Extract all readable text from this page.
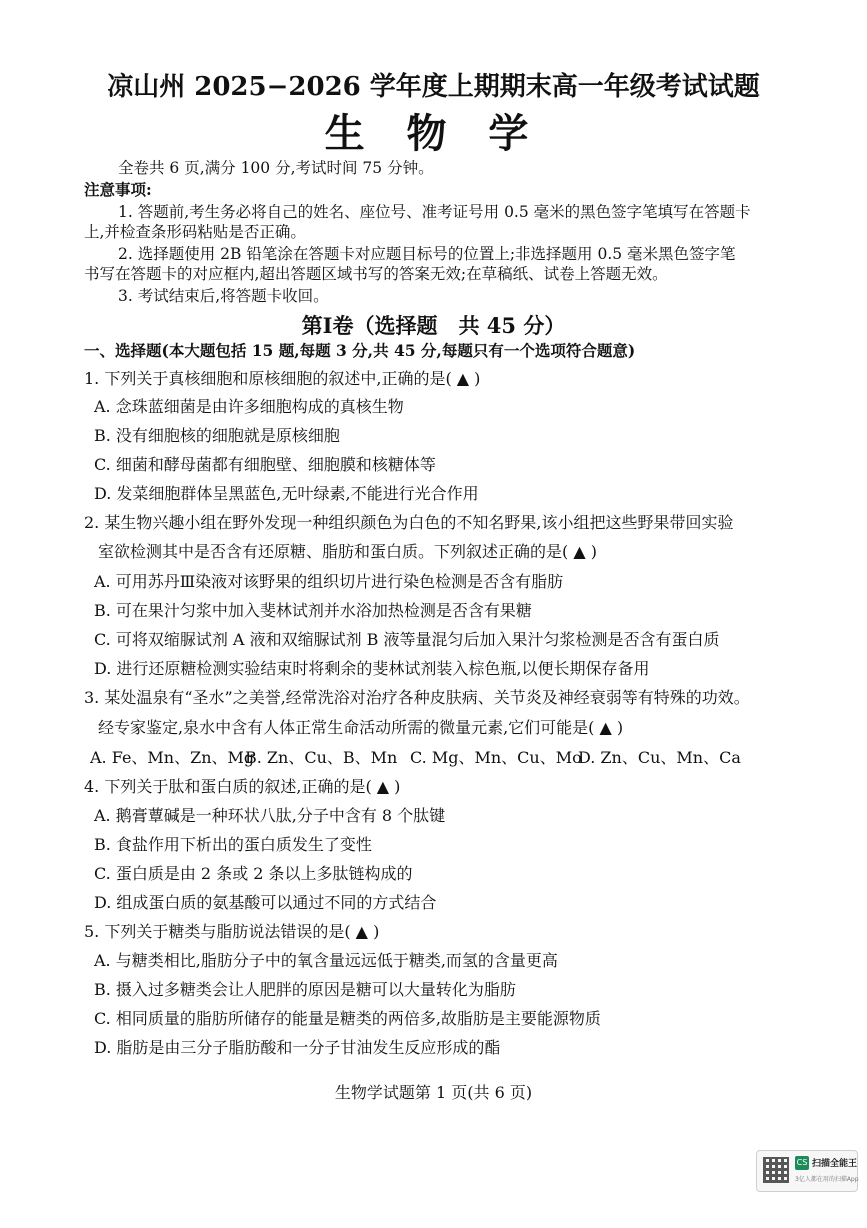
凉山州 2025−2026 学年度上期期末高一年级考试试题
生 物 学
全卷共 6 页,满分 100 分,考试时间 75 分钟。
注意事项:
1. 答题前,考生务必将自己的姓名、座位号、准考证号用 0.5 毫米的黑色签字笔填写在答题卡
上,并检查条形码粘贴是否正确。
2. 选择题使用 2B 铅笔涂在答题卡对应题目标号的位置上;非选择题用 0.5 毫米黑色签字笔
书写在答题卡的对应框内,超出答题区域书写的答案无效;在草稿纸、试卷上答题无效。
3. 考试结束后,将答题卡收回。
第Ⅰ卷（选择题　共 45 分）
一、选择题(本大题包括 15 题,每题 3 分,共 45 分,每题只有一个选项符合题意)
1. 下列关于真核细胞和原核细胞的叙述中,正确的是( ▲ )
A. 念珠蓝细菌是由许多细胞构成的真核生物
B. 没有细胞核的细胞就是原核细胞
C. 细菌和酵母菌都有细胞壁、细胞膜和核糖体等
D. 发菜细胞群体呈黑蓝色,无叶绿素,不能进行光合作用
2. 某生物兴趣小组在野外发现一种组织颜色为白色的不知名野果,该小组把这些野果带回实验
室欲检测其中是否含有还原糖、脂肪和蛋白质。下列叙述正确的是( ▲ )
A. 可用苏丹Ⅲ染液对该野果的组织切片进行染色检测是否含有脂肪
B. 可在果汁匀浆中加入斐林试剂并水浴加热检测是否含有果糖
C. 可将双缩脲试剂 A 液和双缩脲试剂 B 液等量混匀后加入果汁匀浆检测是否含有蛋白质
D. 进行还原糖检测实验结束时将剩余的斐林试剂装入棕色瓶,以便长期保存备用
3. 某处温泉有“圣水”之美誉,经常洗浴对治疗各种皮肤病、关节炎及神经衰弱等有特殊的功效。
经专家鉴定,泉水中含有人体正常生命活动所需的微量元素,它们可能是( ▲ )
A. Fe、Mn、Zn、Mg
B. Zn、Cu、B、Mn C. Mg、Mn、Cu、Mo
D. Zn、Cu、Mn、Ca
4. 下列关于肽和蛋白质的叙述,正确的是( ▲ )
A. 鹅膏蕈碱是一种环状八肽,分子中含有 8 个肽键
B. 食盐作用下析出的蛋白质发生了变性
C. 蛋白质是由 2 条或 2 条以上多肽链构成的
D. 组成蛋白质的氨基酸可以通过不同的方式结合
5. 下列关于糖类与脂肪说法错误的是( ▲ )
A. 与糖类相比,脂肪分子中的氧含量远远低于糖类,而氢的含量更高
B. 摄入过多糖类会让人肥胖的原因是糖可以大量转化为脂肪
C. 相同质量的脂肪所储存的能量是糖类的两倍多,故脂肪是主要能源物质
D. 脂肪是由三分子脂肪酸和一分子甘油发生反应形成的酯
生物学试题第 1 页(共 6 页)
CS 扫描全能王
3亿人都在用的扫描App
